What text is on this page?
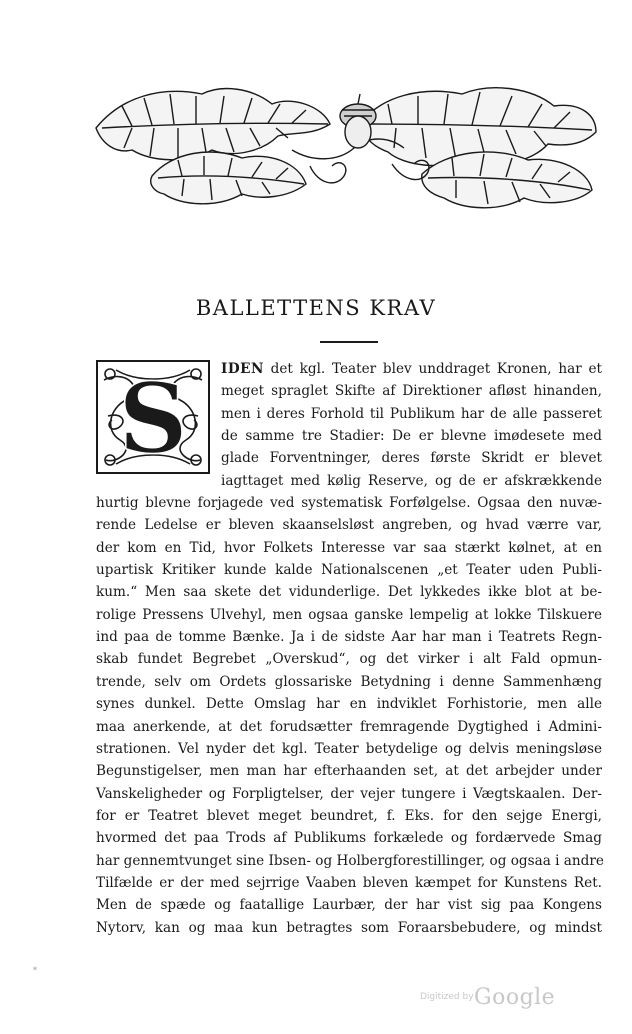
BALLETTENS KRAV
S IDEN det kgl. Teater blev unddraget Kronen, har et
meget spraglet Skifte af Direktioner afløst hinanden,
men i deres Forhold til Publikum har de alle passeret
de samme tre Stadier: De er blevne imødesete med
glade Forventninger, deres første Skridt er blevet
iagttaget med kølig Reserve, og de er afskrækkende
hurtig blevne forjagede ved systematisk Forfølgelse. Ogsaa den nuvæ-
rende Ledelse er bleven skaanselsløst angreben, og hvad værre var,
der kom en Tid, hvor Folkets Interesse var saa stærkt kølnet, at en
upartisk Kritiker kunde kalde Nationalscenen „et Teater uden Publi-
kum.“ Men saa skete det vidunderlige. Det lykkedes ikke blot at be-
rolige Pressens Ulvehyl, men ogsaa ganske lempelig at lokke Tilskuere
ind paa de tomme Bænke. Ja i de sidste Aar har man i Teatrets Regn-
skab fundet Begrebet „Overskud“, og det virker i alt Fald opmun-
trende, selv om Ordets glossariske Betydning i denne Sammenhæng
synes dunkel. Dette Omslag har en indviklet Forhistorie, men alle
maa anerkende, at det forudsætter fremragende Dygtighed i Admini-
strationen. Vel nyder det kgl. Teater betydelige og delvis meningsløse
Begunstigelser, men man har efterhaanden set, at det arbejder under
Vanskeligheder og Forpligtelser, der vejer tungere i Vægtskaalen. Der-
for er Teatret blevet meget beundret, f. Eks. for den sejge Energi,
hvormed det paa Trods af Publikums forkælede og fordærvede Smag
har gennemtvunget sine Ibsen- og Holbergforestillinger, og ogsaa i andre
Tilfælde er der med sejrrige Vaaben bleven kæmpet for Kunstens Ret.
Men de spæde og faatallige Laurbær, der har vist sig paa Kongens
Nytorv, kan og maa kun betragtes som Foraarsbebudere, og mindst
*
Digitized by Google
